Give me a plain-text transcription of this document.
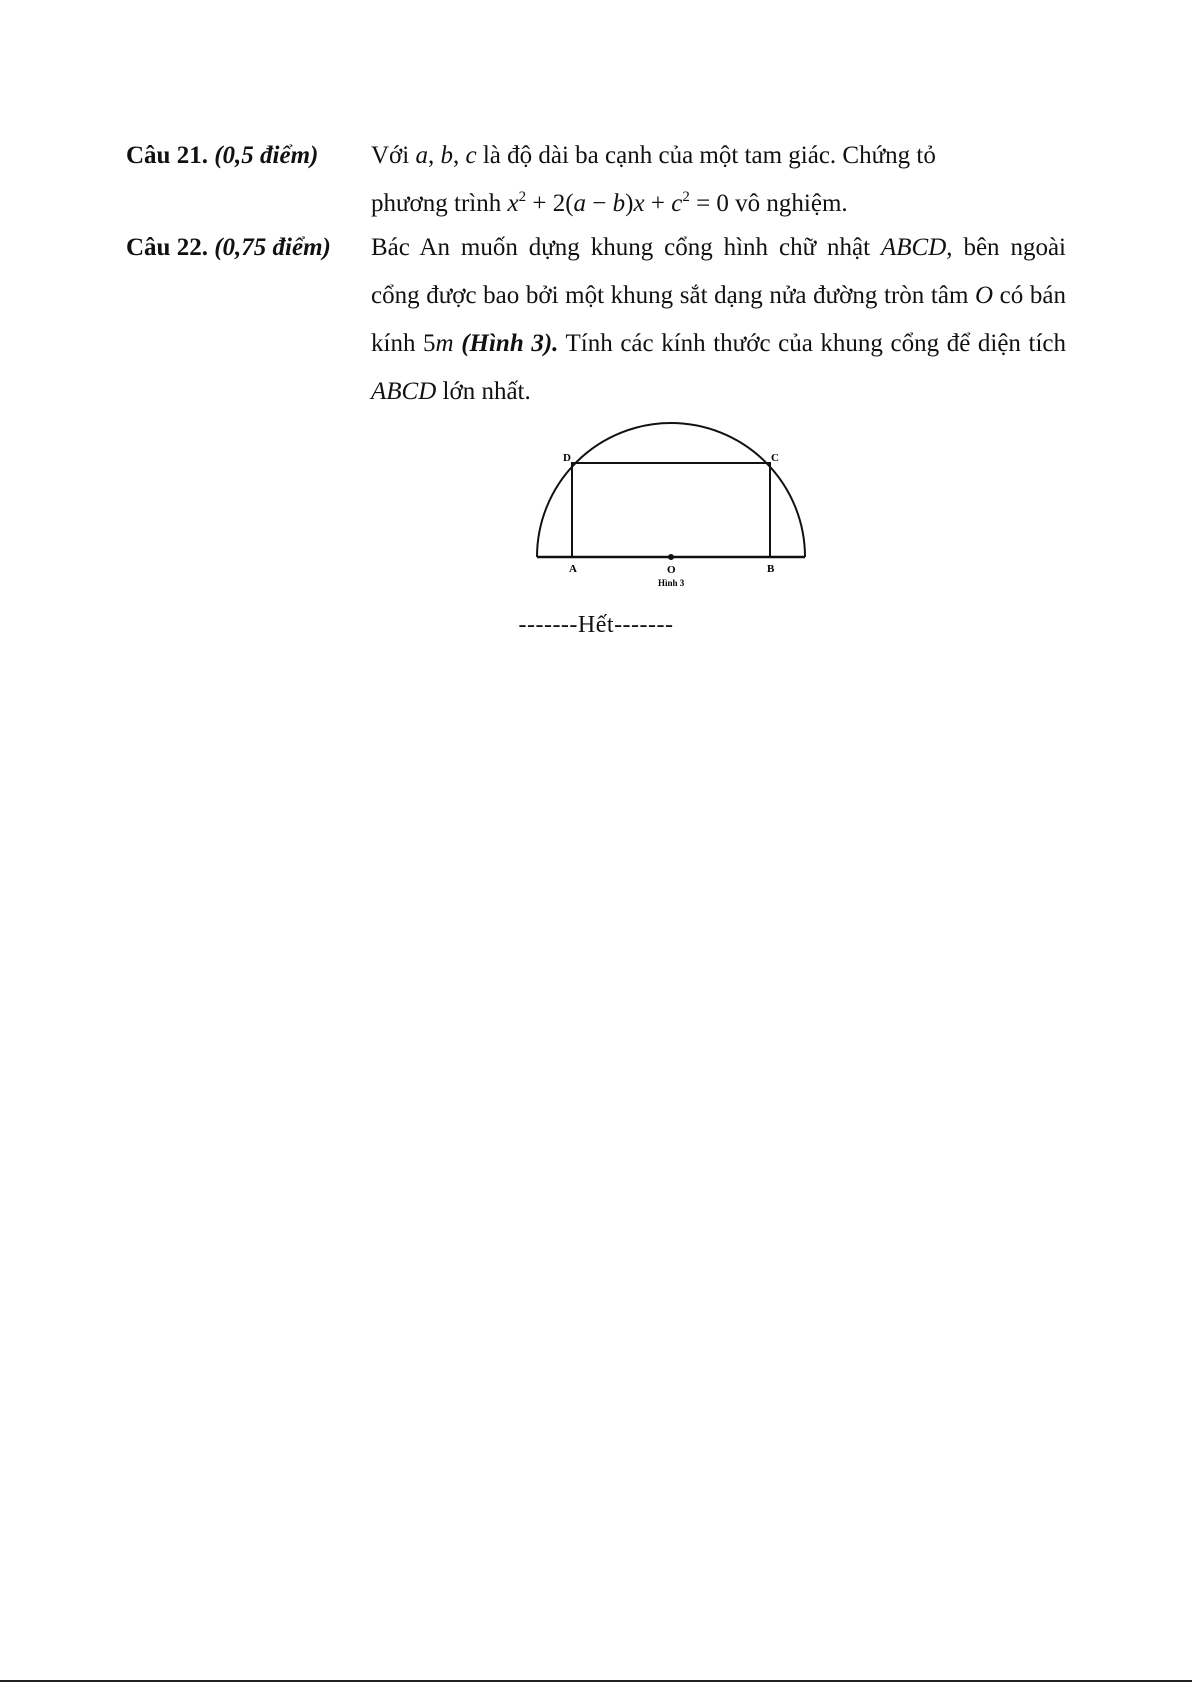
Câu 21. (0,5 điểm)	Với a, b, c là độ dài ba cạnh của một tam giác. Chứng tỏ

phương trình $x^2 + 2(a - b)x + c^2 = 0$ vô nghiệm.

Câu 22. (0,75 điểm)	Bác An muốn dựng khung cổng hình chữ nhật ABCD, bên ngoài cổng được bao bởi một khung sắt dạng nửa đường tròn tâm O có bán kính 5m (Hình 3). Tính các kính thước của khung cổng để diện tích ABCD lớn nhất.

D	C
A	O	B
Hình 3
-------Hết-------
